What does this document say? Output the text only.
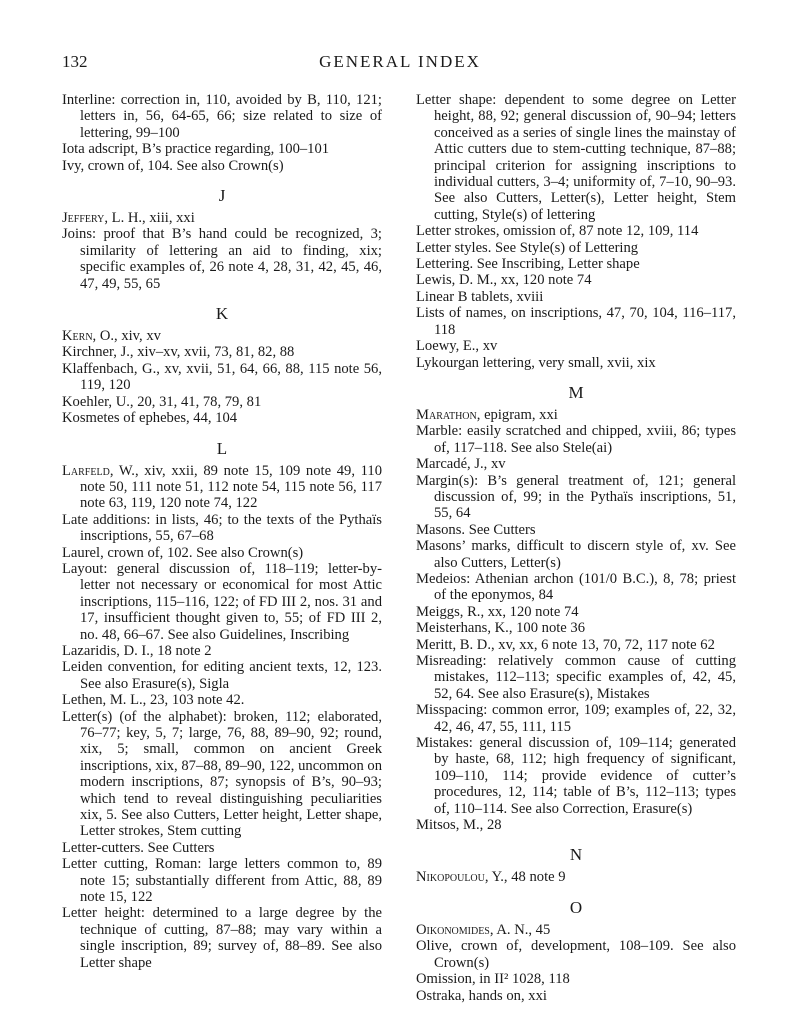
132	GENERAL INDEX

Interline: correction in, 110, avoided by B, 110, 121; letters in, 56, 64-65, 66; size related to size of lettering, 99–100

Iota adscript, B’s practice regarding, 100–101

Ivy, crown of, 104. See also Crown(s)

J

Jeffery, L. H., xiii, xxi

Joins: proof that B’s hand could be recognized, 3; similarity of lettering an aid to finding, xix; specific examples of, 26 note 4, 28, 31, 42, 45, 46, 47, 49, 55, 65

K

Kern, O., xiv, xv

Kirchner, J., xiv–xv, xvii, 73, 81, 82, 88

Klaffenbach, G., xv, xvii, 51, 64, 66, 88, 115 note 56, 119, 120

Koehler, U., 20, 31, 41, 78, 79, 81

Kosmetes of ephebes, 44, 104

L

Larfeld, W., xiv, xxii, 89 note 15, 109 note 49, 110 note 50, 111 note 51, 112 note 54, 115 note 56, 117 note 63, 119, 120 note 74, 122

Late additions: in lists, 46; to the texts of the Pythaïs inscriptions, 55, 67–68

Laurel, crown of, 102. See also Crown(s)

Layout: general discussion of, 118–119; letter-by-letter not necessary or economical for most Attic inscriptions, 115–116, 122; of FD III 2, nos. 31 and 17, insufficient thought given to, 55; of FD III 2, no. 48, 66–67. See also Guidelines, Inscribing

Lazaridis, D. I., 18 note 2

Leiden convention, for editing ancient texts, 12, 123. See also Erasure(s), Sigla

Lethen, M. L., 23, 103 note 42.

Letter(s) (of the alphabet): broken, 112; elaborated, 76–77; key, 5, 7; large, 76, 88, 89–90, 92; round, xix, 5; small, common on ancient Greek inscriptions, xix, 87–88, 89–90, 122, uncommon on modern inscriptions, 87; synopsis of B’s, 90–93; which tend to reveal distinguishing peculiarities xix, 5. See also Cutters, Letter height, Letter shape, Letter strokes, Stem cutting

Letter-cutters. See Cutters

Letter cutting, Roman: large letters common to, 89 note 15; substantially different from Attic, 88, 89 note 15, 122

Letter height: determined to a large degree by the technique of cutting, 87–88; may vary within a single inscription, 89; survey of, 88–89. See also Letter shape

Letter shape: dependent to some degree on Letter height, 88, 92; general discussion of, 90–94; letters conceived as a series of single lines the mainstay of Attic cutters due to stem-cutting technique, 87–88; principal criterion for assigning inscriptions to individual cutters, 3–4; uniformity of, 7–10, 90–93. See also Cutters, Letter(s), Letter height, Stem cutting, Style(s) of lettering

Letter strokes, omission of, 87 note 12, 109, 114

Letter styles. See Style(s) of Lettering

Lettering. See Inscribing, Letter shape

Lewis, D. M., xx, 120 note 74

Linear B tablets, xviii

Lists of names, on inscriptions, 47, 70, 104, 116–117, 118

Loewy, E., xv

Lykourgan lettering, very small, xvii, xix

M

Marathon, epigram, xxi

Marble: easily scratched and chipped, xviii, 86; types of, 117–118. See also Stele(ai)

Marcadé, J., xv

Margin(s): B’s general treatment of, 121; general discussion of, 99; in the Pythaïs inscriptions, 51, 55, 64

Masons. See Cutters

Masons’ marks, difficult to discern style of, xv. See also Cutters, Letter(s)

Medeios: Athenian archon (101/0 B.C.), 8, 78; priest of the eponymos, 84

Meiggs, R., xx, 120 note 74

Meisterhans, K., 100 note 36

Meritt, B. D., xv, xx, 6 note 13, 70, 72, 117 note 62

Misreading: relatively common cause of cutting mistakes, 112–113; specific examples of, 42, 45, 52, 64. See also Erasure(s), Mistakes

Misspacing: common error, 109; examples of, 22, 32, 42, 46, 47, 55, 111, 115

Mistakes: general discussion of, 109–114; generated by haste, 68, 112; high frequency of significant, 109–110, 114; provide evidence of cutter’s procedures, 12, 114; table of B’s, 112–113; types of, 110–114. See also Correction, Erasure(s)

Mitsos, M., 28

N

Nikopoulou, Y., 48 note 9

O

Oikonomides, A. N., 45

Olive, crown of, development, 108–109. See also Crown(s)

Omission, in II² 1028, 118

Ostraka, hands on, xxi
